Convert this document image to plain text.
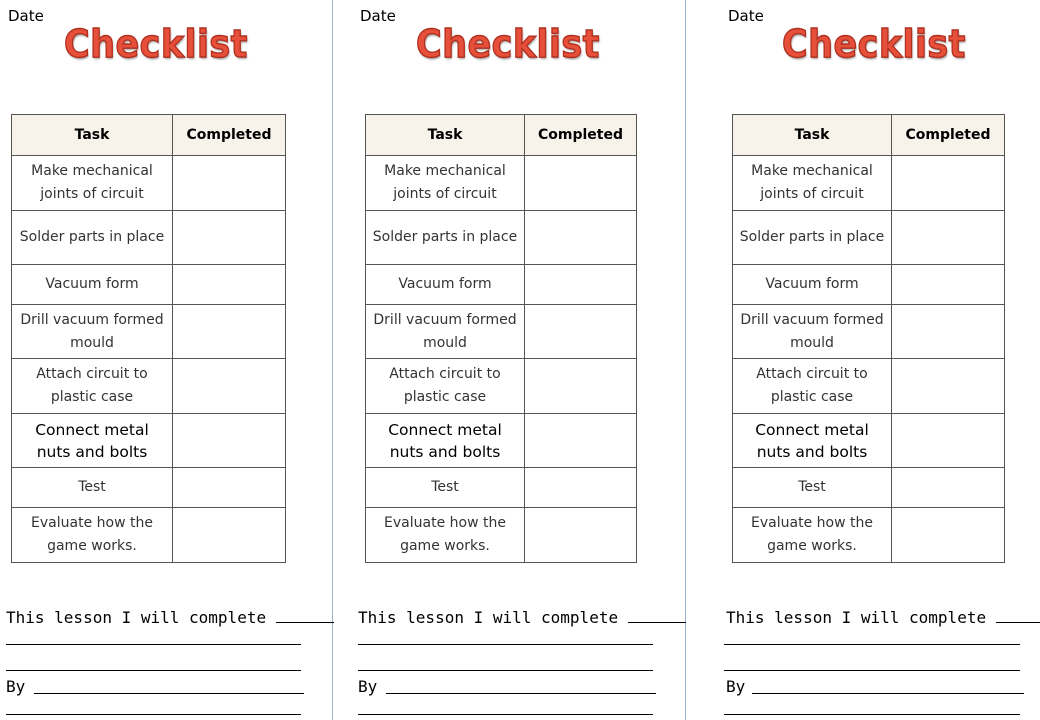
Date
Checklist
Task	Completed
Make mechanical joints of circuit	
Solder parts in place	
Vacuum form	
Drill vacuum formed mould	
Attach circuit to plastic case	
Connect metal nuts and bolts	
Test	
Evaluate how the game works.	
This lesson I will complete
By
Date
Checklist
Task	Completed
Make mechanical joints of circuit	
Solder parts in place	
Vacuum form	
Drill vacuum formed mould	
Attach circuit to plastic case	
Connect metal nuts and bolts	
Test	
Evaluate how the game works.	
This lesson I will complete
By
Date
Checklist
Task	Completed
Make mechanical joints of circuit	
Solder parts in place	
Vacuum form	
Drill vacuum formed mould	
Attach circuit to plastic case	
Connect metal nuts and bolts	
Test	
Evaluate how the game works.	
This lesson I will complete
By
